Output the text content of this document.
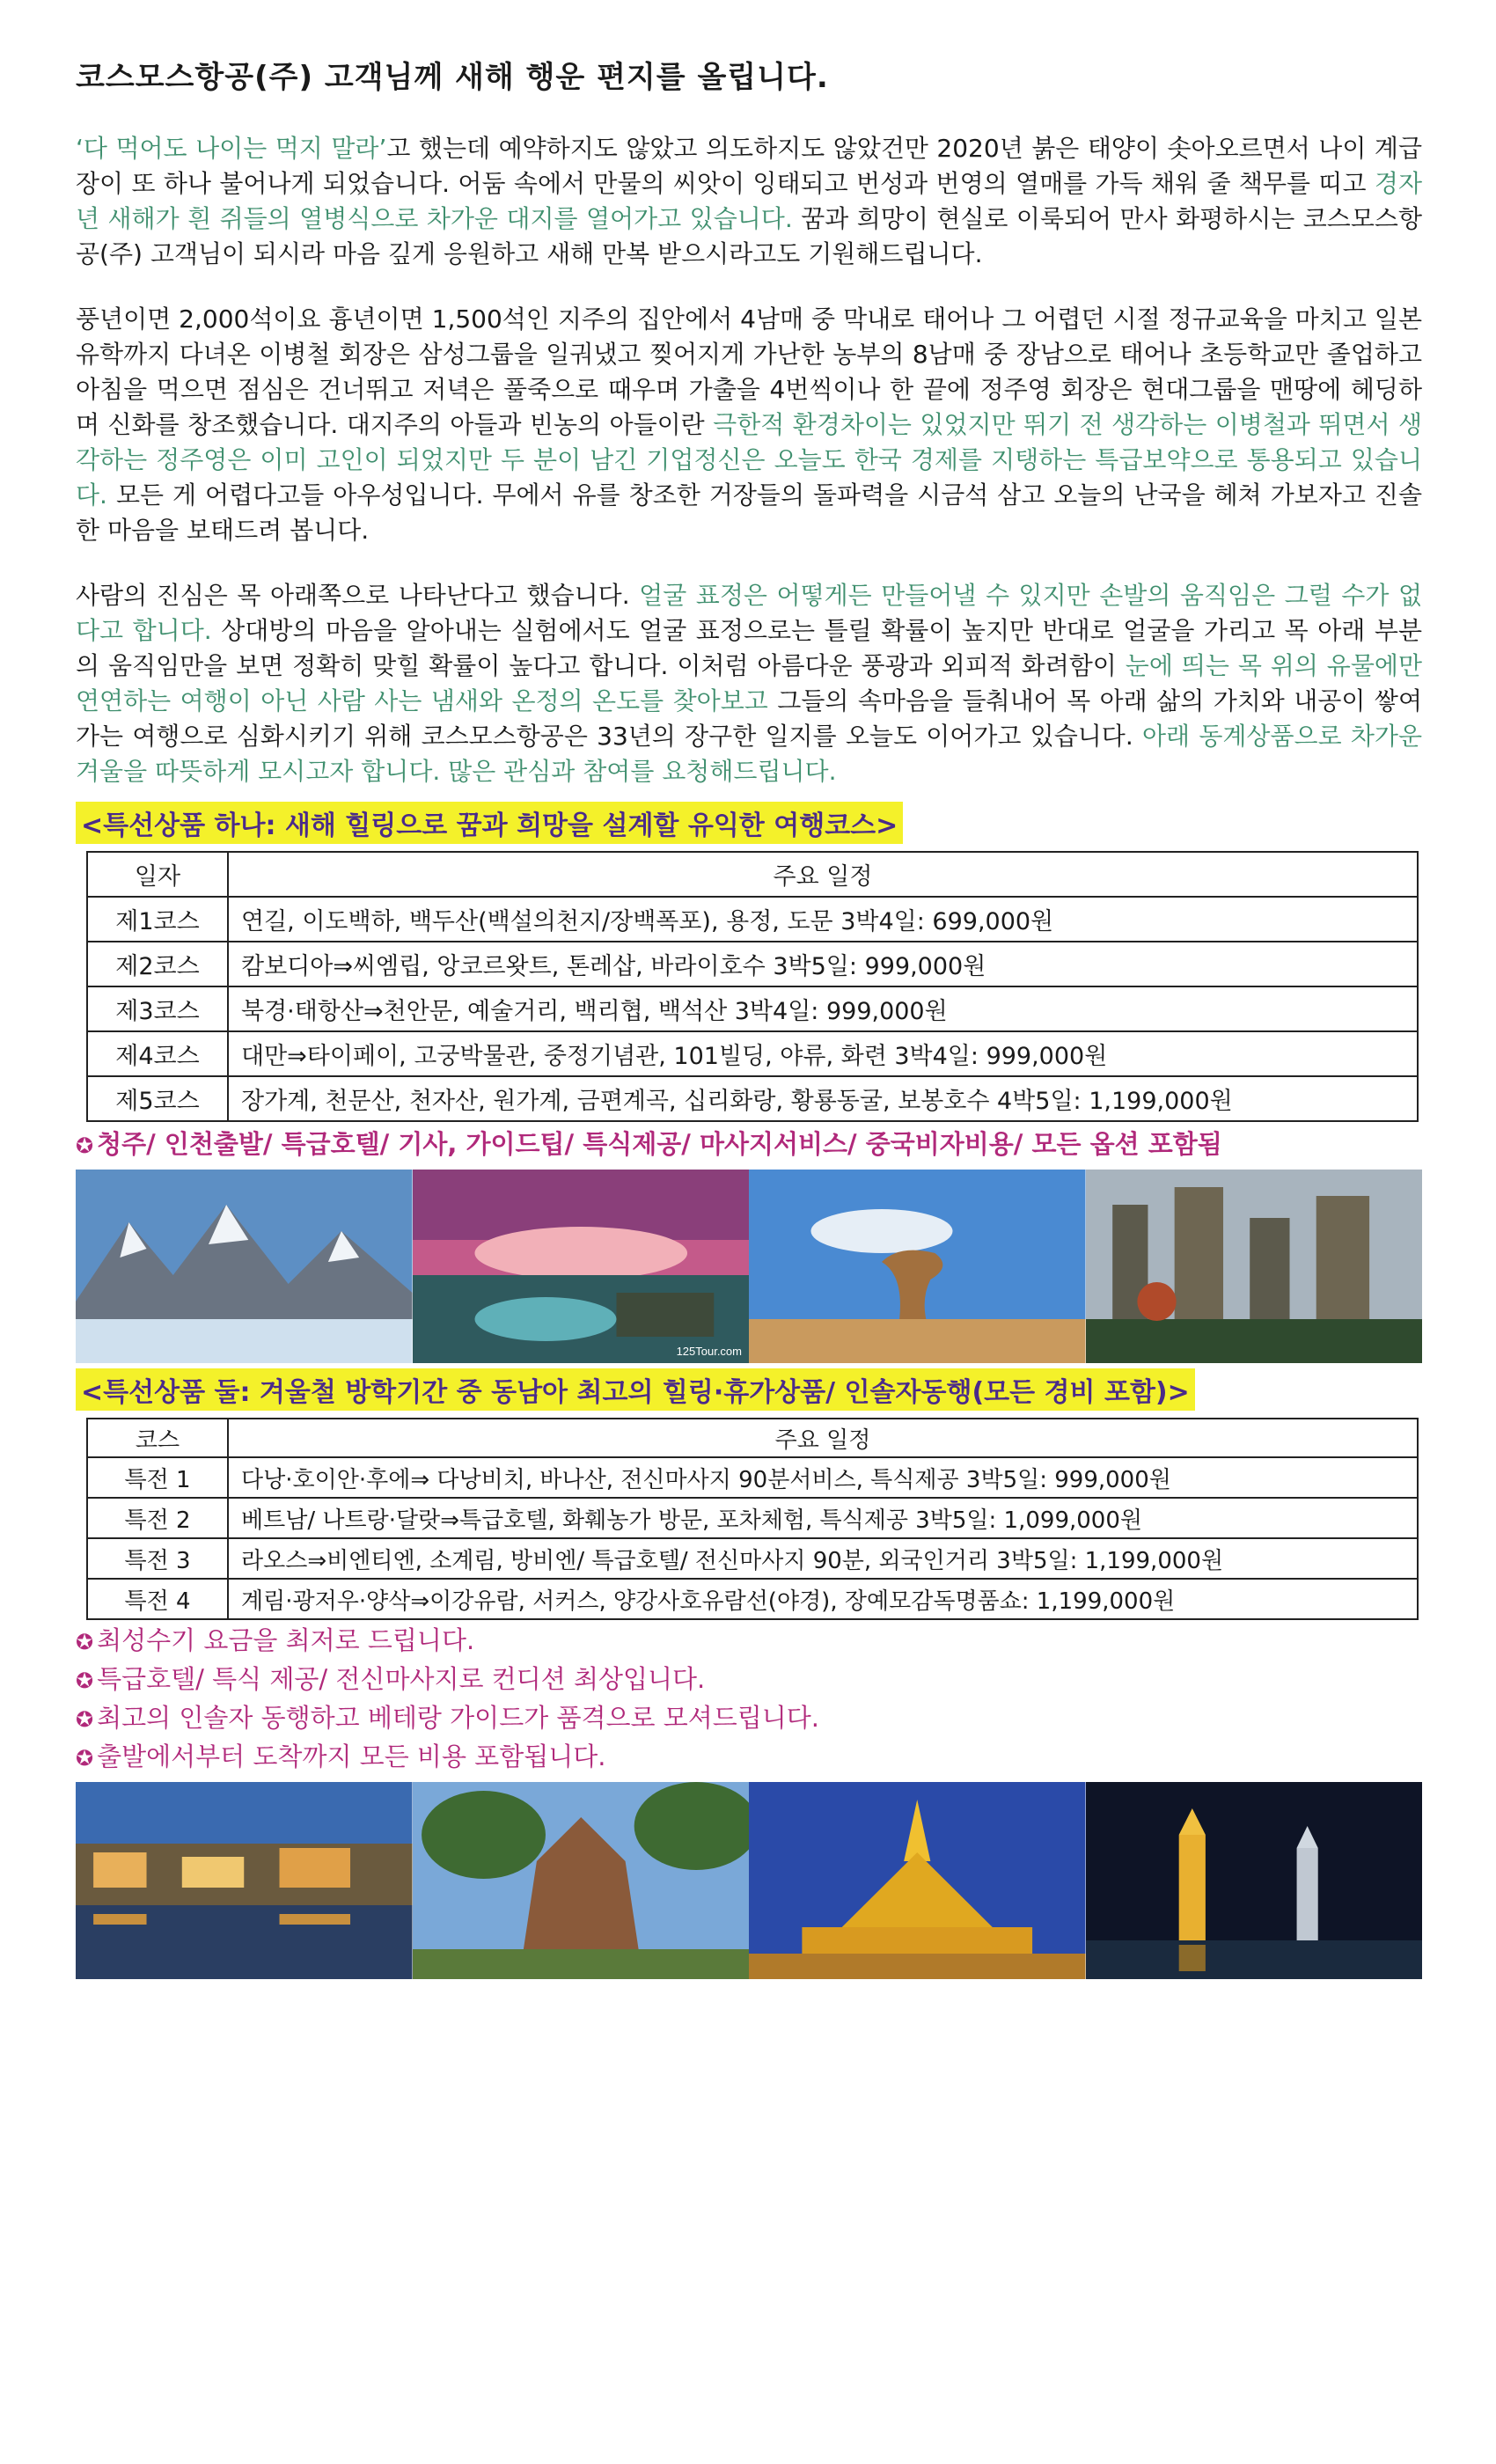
코스모스항공(주) 고객님께 새해 행운 편지를 올립니다.

‘다 먹어도 나이는 먹지 말라’고 했는데 예약하지도 않았고 의도하지도 않았건만 2020년 붉은 태양이 솟아오르면서 나이 계급장이 또 하나 불어나게 되었습니다. 어둠 속에서 만물의 씨앗이 잉태되고 번성과 번영의 열매를 가득 채워 줄 책무를 띠고 경자년 새해가 흰 쥐들의 열병식으로 차가운 대지를 열어가고 있습니다. 꿈과 희망이 현실로 이룩되어 만사 화평하시는 코스모스항공(주) 고객님이 되시라 마음 깊게 응원하고 새해 만복 받으시라고도 기원해드립니다.

풍년이면 2,000석이요 흉년이면 1,500석인 지주의 집안에서 4남매 중 막내로 태어나 그 어렵던 시절 정규교육을 마치고 일본 유학까지 다녀온 이병철 회장은 삼성그룹을 일궈냈고 찢어지게 가난한 농부의 8남매 중 장남으로 태어나 초등학교만 졸업하고 아침을 먹으면 점심은 건너뛰고 저녁은 풀죽으로 때우며 가출을 4번씩이나 한 끝에 정주영 회장은 현대그룹을 맨땅에 헤딩하며 신화를 창조했습니다. 대지주의 아들과 빈농의 아들이란 극한적 환경차이는 있었지만 뛰기 전 생각하는 이병철과 뛰면서 생각하는 정주영은 이미 고인이 되었지만 두 분이 남긴 기업정신은 오늘도 한국 경제를 지탱하는 특급보약으로 통용되고 있습니다. 모든 게 어렵다고들 아우성입니다. 무에서 유를 창조한 거장들의 돌파력을 시금석 삼고 오늘의 난국을 헤쳐 가보자고 진솔한 마음을 보태드려 봅니다.

사람의 진심은 목 아래쪽으로 나타난다고 했습니다. 얼굴 표정은 어떻게든 만들어낼 수 있지만 손발의 움직임은 그럴 수가 없다고 합니다. 상대방의 마음을 알아내는 실험에서도 얼굴 표정으로는 틀릴 확률이 높지만 반대로 얼굴을 가리고 목 아래 부분의 움직임만을 보면 정확히 맞힐 확률이 높다고 합니다. 이처럼 아름다운 풍광과 외피적 화려함이 눈에 띄는 목 위의 유물에만 연연하는 여행이 아닌 사람 사는 냄새와 온정의 온도를 찾아보고 그들의 속마음을 들춰내어 목 아래 삶의 가치와 내공이 쌓여가는 여행으로 심화시키기 위해 코스모스항공은 33년의 장구한 일지를 오늘도 이어가고 있습니다. 아래 동계상품으로 차가운 겨울을 따뜻하게 모시고자 합니다. 많은 관심과 참여를 요청해드립니다.

<특선상품 하나: 새해 힐링으로 꿈과 희망을 설계할 유익한 여행코스>
일자	주요 일정
제1코스	연길, 이도백하, 백두산(백설의천지/장백폭포), 용정, 도문 3박4일: 699,000원
제2코스	캄보디아⇒씨엠립, 앙코르왓트, 톤레삽, 바라이호수 3박5일: 999,000원
제3코스	북경·태항산⇒천안문, 예술거리, 백리협, 백석산 3박4일: 999,000원
제4코스	대만⇒타이페이, 고궁박물관, 중정기념관, 101빌딩, 야류, 화련 3박4일: 999,000원
제5코스	장가계, 천문산, 천자산, 원가계, 금편계곡, 십리화랑, 황룡동굴, 보봉호수 4박5일: 1,199,000원

✪ 청주/ 인천출발/ 특급호텔/ 기사, 가이드팁/ 특식제공/ 마사지서비스/ 중국비자비용/ 모든 옵션 포함됨

125Tour.com
<특선상품 둘: 겨울철 방학기간 중 동남아 최고의 힐링·휴가상품/ 인솔자동행(모든 경비 포함)>
코스	주요 일정
특전 1	다낭·호이안·후에⇒ 다낭비치, 바나산, 전신마사지 90분서비스, 특식제공 3박5일: 999,000원
특전 2	베트남/ 나트랑·달랏⇒특급호텔, 화훼농가 방문, 포차체험, 특식제공 3박5일: 1,099,000원
특전 3	라오스⇒비엔티엔, 소계림, 방비엔/ 특급호텔/ 전신마사지 90분, 외국인거리 3박5일: 1,199,000원
특전 4	계림·광저우·양삭⇒이강유람, 서커스, 양강사호유람선(야경), 장예모감독명품쇼: 1,199,000원

✪ 최성수기 요금을 최저로 드립니다.

✪ 특급호텔/ 특식 제공/ 전신마사지로 컨디션 최상입니다.

✪ 최고의 인솔자 동행하고 베테랑 가이드가 품격으로 모셔드립니다.

✪ 출발에서부터 도착까지 모든 비용 포함됩니다.
